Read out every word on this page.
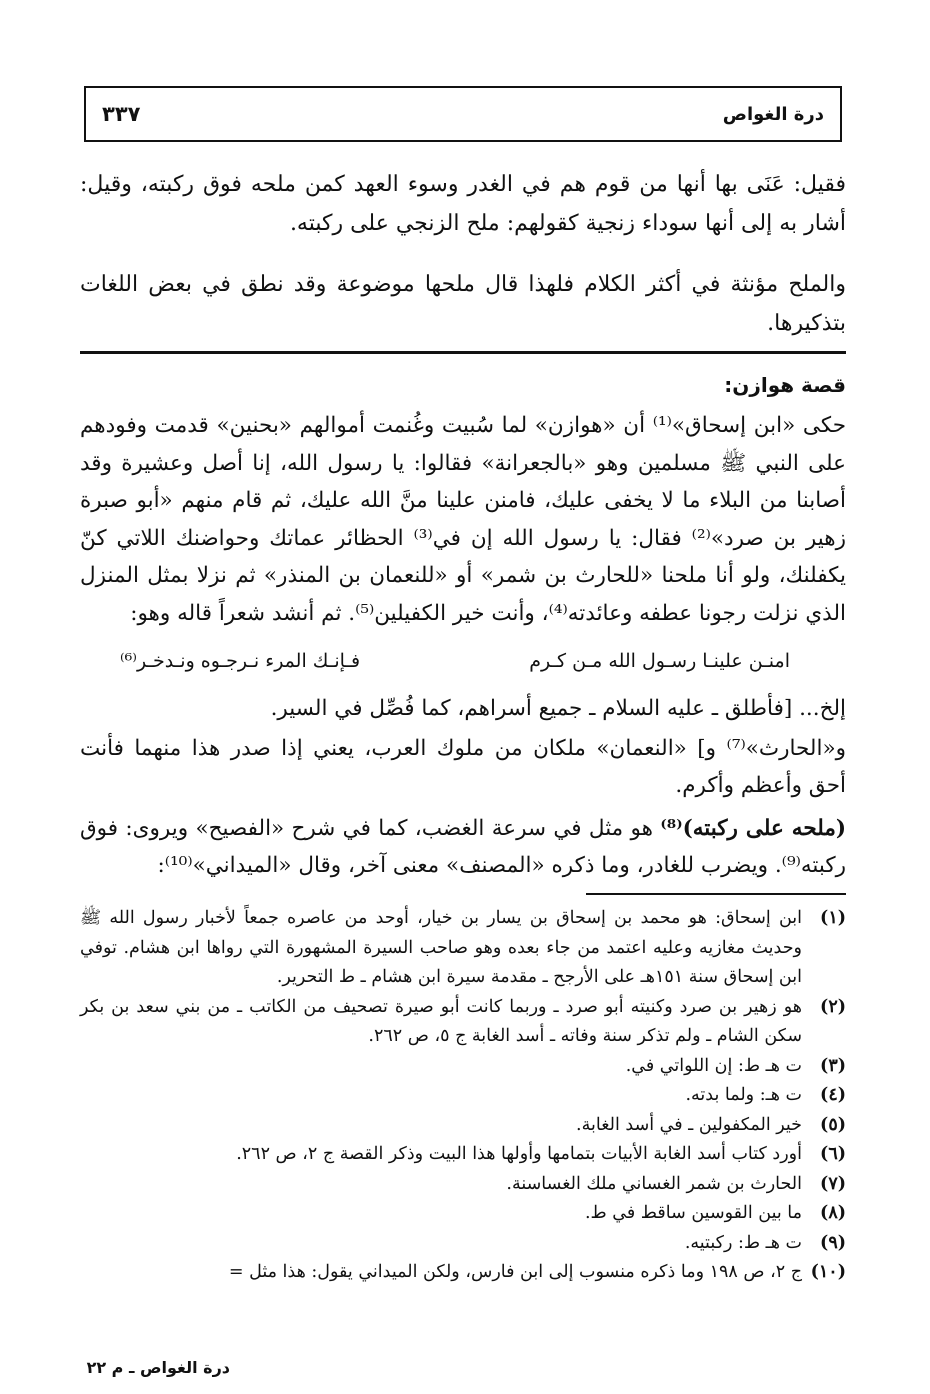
درة الغواص
٣٣٧

فقيل: عَنَى بها أنها من قوم هم في الغدر وسوء العهد كمن ملحه فوق ركبته، وقيل: أشار به إلى أنها سوداء زنجية كقولهم: ملح الزنجي على ركبته.

والملح مؤنثة في أكثر الكلام فلهذا قال ملحها موضوعة وقد نطق في بعض اللغات بتذكيرها.

قصة هوازن:

حكى «ابن إسحاق»⁽¹⁾ أن «هوازن» لما سُبيت وغُنمت أموالهم «بحنين» قدمت وفودهم على النبي ﷺ مسلمين وهو «بالجعرانة» فقالوا: يا رسول الله، إنا أصل وعشيرة وقد أصابنا من البلاء ما لا يخفى عليك، فامنن علينا منَّ الله عليك، ثم قام منهم «أبو صبرة زهير بن صرد»⁽²⁾ فقال: يا رسول الله إن في⁽³⁾ الحظائر عماتك وحواضنك اللاتي كنّ يكفلنك، ولو أنا ملحنا «للحارث بن شمر» أو «للنعمان بن المنذر» ثم نزلا بمثل المنزل الذي نزلت رجونا عطفه وعائدته⁽⁴⁾، وأنت خير الكفيلين⁽⁵⁾. ثم أنشد شعراً قاله وهو:

امنـن علينـا رسـول الله مـن كـرم
فـإنـك المرء نـرجـوه ونـدخـر⁽⁶⁾

إلخ... [فأطلق ـ عليه السلام ـ جميع أسراهم، كما فُصِّل في السير.

و«الحارث»⁽⁷⁾ و] «النعمان» ملكان من ملوك العرب، يعني إذا صدر هذا منهما فأنت أحق وأعظم وأكرم.

(ملحه على ركبته)⁽⁸⁾ هو مثل في سرعة الغضب، كما في شرح «الفصيح» ويروى: فوق ركبته⁽⁹⁾. ويضرب للغادر، وما ذكره «المصنف» معنى آخر، وقال «الميداني»⁽¹⁰⁾:

(١)
ابن إسحاق: هو محمد بن إسحاق بن يسار بن خيار، أوحد من عاصره جمعاً لأخبار رسول الله ﷺ وحديث مغازيه وعليه اعتمد من جاء بعده وهو صاحب السيرة المشهورة التي رواها ابن هشام. توفي ابن إسحاق سنة ١٥١هـ على الأرجح ـ مقدمة سيرة ابن هشام ـ ط التحرير.
(٢)
هو زهير بن صرد وكنيته أبو صرد ـ وربما كانت أبو صيرة تصحيف من الكاتب ـ من بني سعد بن بكر سكن الشام ـ ولم تذكر سنة وفاته ـ أسد الغابة ج ٥، ص ٢٦٢.
(٣)
ت هـ ط: إن اللواتي في.
(٤)
ت هـ: ولما بدته.
(٥)
خير المكفولين ـ في أسد الغابة.
(٦)
أورد كتاب أسد الغابة الأبيات بتمامها وأولها هذا البيت وذكر القصة ج ٢، ص ٢٦٢.
(٧)
الحارث بن شمر الغساني ملك الغساسنة.
(٨)
ما بين القوسين ساقط في ط.
(٩)
ت هـ ط: ركبتيه.
(١٠)
ج ٢، ص ١٩٨ وما ذكره منسوب إلى ابن فارس، ولكن الميداني يقول: هذا مثل =
درة الغواص ـ م ٢٢
